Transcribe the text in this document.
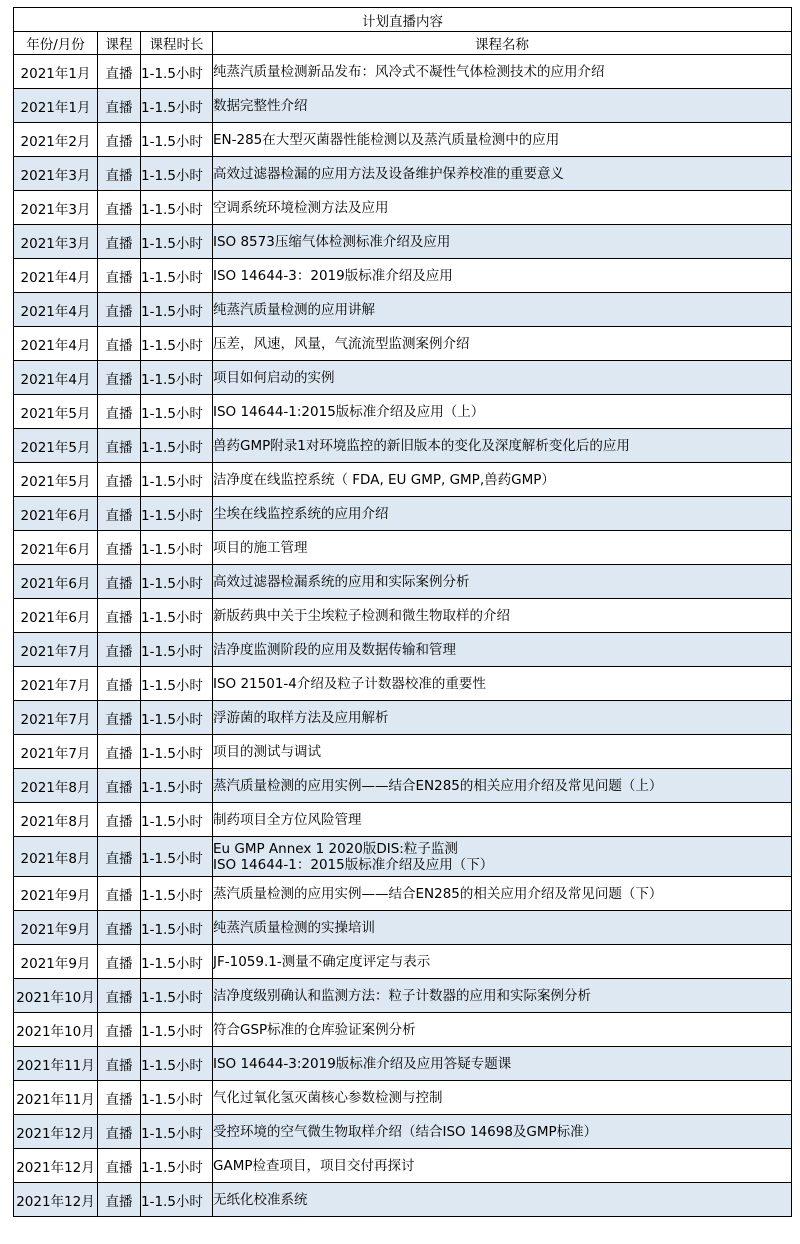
计划直播内容			
年份/月份	课程	课程时长	课程名称
2021年1月	直播	1-1.5小时	纯蒸汽质量检测新品发布：风冷式不凝性气体检测技术的应用介绍

2021年1月	直播	1-1.5小时	数据完整性介绍

2021年2月	直播	1-1.5小时	EN-285在大型灭菌器性能检测以及蒸汽质量检测中的应用

2021年3月	直播	1-1.5小时	高效过滤器检漏的应用方法及设备维护保养校准的重要意义

2021年3月	直播	1-1.5小时	空调系统环境检测方法及应用

2021年3月	直播	1-1.5小时	ISO 8573压缩气体检测标准介绍及应用

2021年4月	直播	1-1.5小时	ISO 14644-3：2019版标准介绍及应用

2021年4月	直播	1-1.5小时	纯蒸汽质量检测的应用讲解

2021年4月	直播	1-1.5小时	压差，风速，风量，气流流型监测案例介绍

2021年4月	直播	1-1.5小时	项目如何启动的实例

2021年5月	直播	1-1.5小时	ISO 14644-1:2015版标准介绍及应用（上）

2021年5月	直播	1-1.5小时	兽药GMP附录1对环境监控的新旧版本的变化及深度解析变化后的应用

2021年5月	直播	1-1.5小时	洁净度在线监控系统（ FDA, EU GMP, GMP,兽药GMP）

2021年6月	直播	1-1.5小时	尘埃在线监控系统的应用介绍

2021年6月	直播	1-1.5小时	项目的施工管理

2021年6月	直播	1-1.5小时	高效过滤器检漏系统的应用和实际案例分析

2021年6月	直播	1-1.5小时	新版药典中关于尘埃粒子检测和微生物取样的介绍

2021年7月	直播	1-1.5小时	洁净度监测阶段的应用及数据传输和管理

2021年7月	直播	1-1.5小时	ISO 21501-4介绍及粒子计数器校准的重要性

2021年7月	直播	1-1.5小时	浮游菌的取样方法及应用解析

2021年7月	直播	1-1.5小时	项目的测试与调试

2021年8月	直播	1-1.5小时	蒸汽质量检测的应用实例——结合EN285的相关应用介绍及常见问题（上）

2021年8月	直播	1-1.5小时	制药项目全方位风险管理

2021年8月	直播	1-1.5小时	Eu GMP Annex 1 2020版DIS:粒子监测
ISO 14644-1：2015版标准介绍及应用（下）

2021年9月	直播	1-1.5小时	蒸汽质量检测的应用实例——结合EN285的相关应用介绍及常见问题（下）

2021年9月	直播	1-1.5小时	纯蒸汽质量检测的实操培训

2021年9月	直播	1-1.5小时	JF-1059.1-测量不确定度评定与表示

2021年10月	直播	1-1.5小时	洁净度级别确认和监测方法：粒子计数器的应用和实际案例分析

2021年10月	直播	1-1.5小时	符合GSP标准的仓库验证案例分析

2021年11月	直播	1-1.5小时	ISO 14644-3:2019版标准介绍及应用答疑专题课

2021年11月	直播	1-1.5小时	气化过氧化氢灭菌核心参数检测与控制

2021年12月	直播	1-1.5小时	受控环境的空气微生物取样介绍（结合ISO 14698及GMP标准）

2021年12月	直播	1-1.5小时	GAMP检查项目，项目交付再探讨

2021年12月	直播	1-1.5小时	无纸化校准系统
